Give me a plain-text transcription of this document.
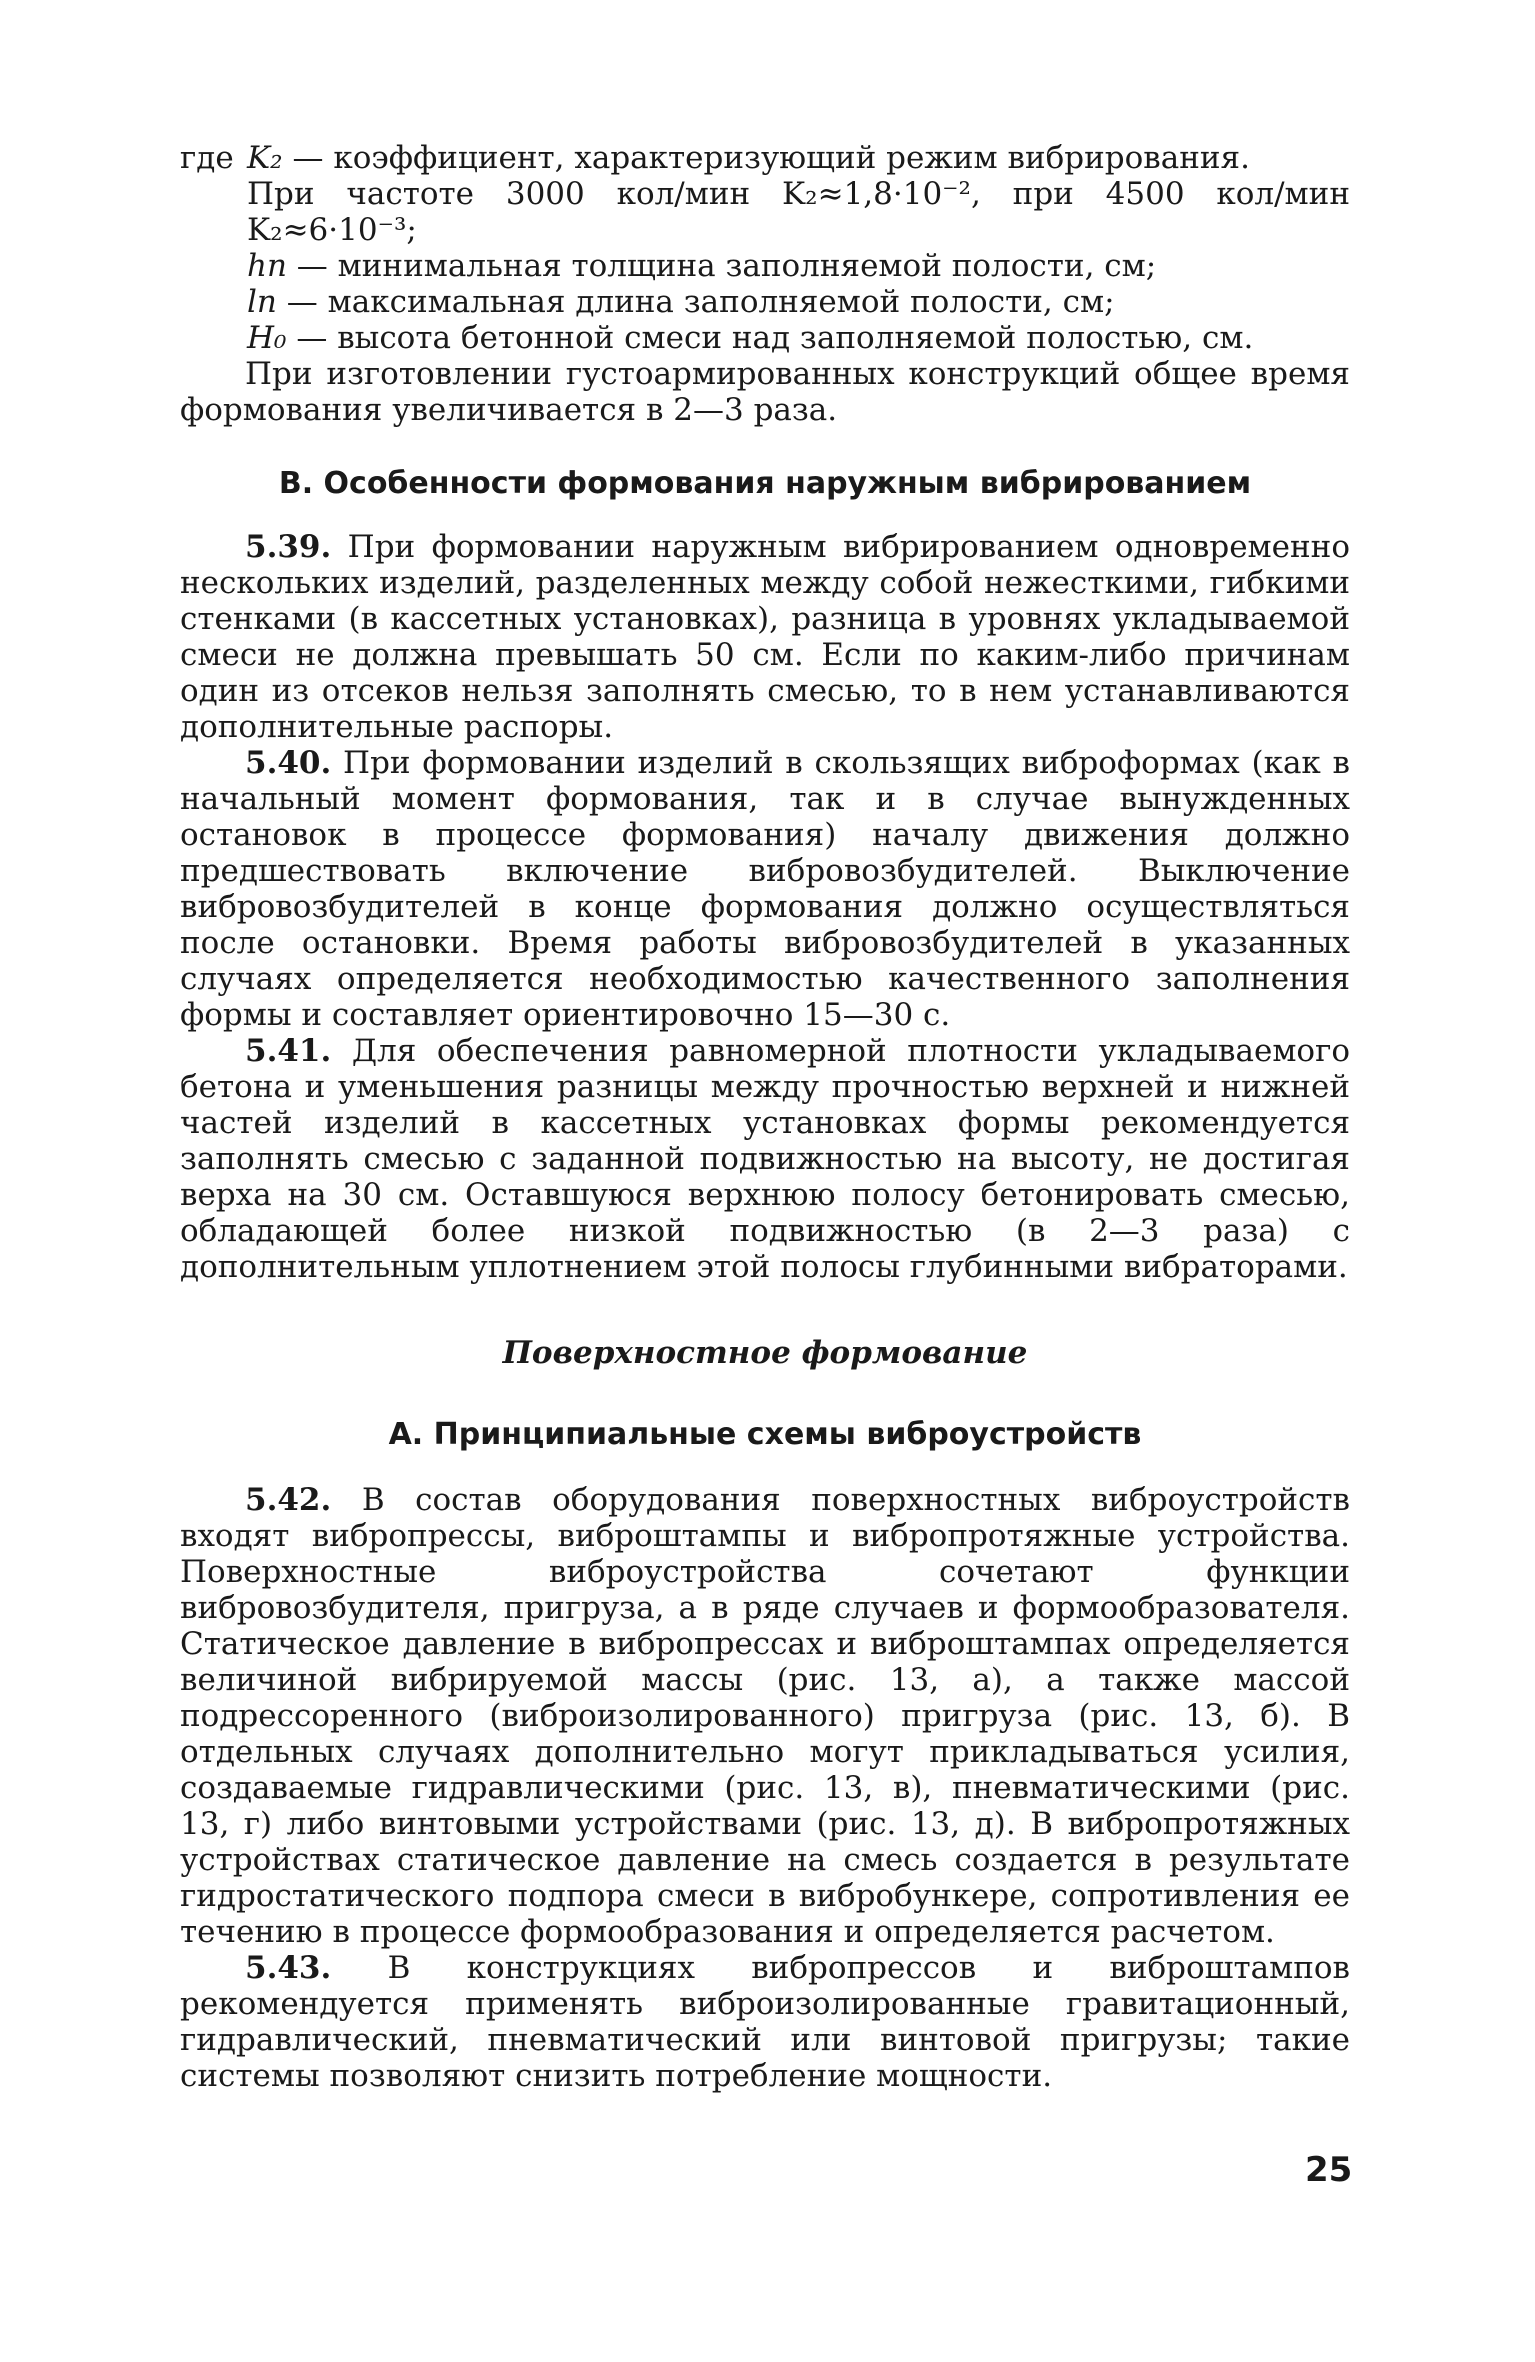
где K₂ — коэффициент, характеризующий режим вибрирования.
При частоте 3000 кол/мин K₂≈1,8·10⁻², при 4500 кол/мин K₂≈6·10⁻³;
hп — минимальная толщина заполняемой полости, см;
lп — максимальная длина заполняемой полости, см;
H₀ — высота бетонной смеси над заполняемой полостью, см.

При изготовлении густоармированных конструкций общее время формования увеличивается в 2—3 раза.

В. Особенности формования наружным вибрированием

5.39. При формовании наружным вибрированием одновременно нескольких изделий, разделенных между собой нежесткими, гибкими стенками (в кассетных установках), разница в уровнях укладываемой смеси не должна превышать 50 см. Если по каким-либо причинам один из отсеков нельзя заполнять смесью, то в нем устанавливаются дополнительные распоры.

5.40. При формовании изделий в скользящих виброформах (как в начальный момент формования, так и в случае вынужденных остановок в процессе формования) началу движения должно предшествовать включение вибровозбудителей. Выключение вибровозбудителей в конце формования должно осуществляться после остановки. Время работы вибровозбудителей в указанных случаях определяется необходимостью качественного заполнения формы и составляет ориентировочно 15—30 с.

5.41. Для обеспечения равномерной плотности укладываемого бетона и уменьшения разницы между прочностью верхней и нижней частей изделий в кассетных установках формы рекомендуется заполнять смесью с заданной подвижностью на высоту, не достигая верха на 30 см. Оставшуюся верхнюю полосу бетонировать смесью, обладающей более низкой подвижностью (в 2—3 раза) с дополнительным уплотнением этой полосы глубинными вибраторами.

Поверхностное формование
А. Принципиальные схемы виброустройств

5.42. В состав оборудования поверхностных виброустройств входят вибропрессы, виброштампы и вибропротяжные устройства. Поверхностные виброустройства сочетают функции вибровозбудителя, пригруза, а в ряде случаев и формообразователя. Статическое давление в вибропрессах и виброштампах определяется величиной вибрируемой массы (рис. 13, а), а также массой подрессоренного (виброизолированного) пригруза (рис. 13, б). В отдельных случаях дополнительно могут прикладываться усилия, создаваемые гидравлическими (рис. 13, в), пневматическими (рис. 13, г) либо винтовыми устройствами (рис. 13, д). В вибропротяжных устройствах статическое давление на смесь создается в результате гидростатического подпора смеси в вибробункере, сопротивления ее течению в процессе формообразования и определяется расчетом.

5.43. В конструкциях вибропрессов и виброштампов рекомендуется применять виброизолированные гравитационный, гидравлический, пневматический или винтовой пригрузы; такие системы позволяют снизить потребление мощности.

25
